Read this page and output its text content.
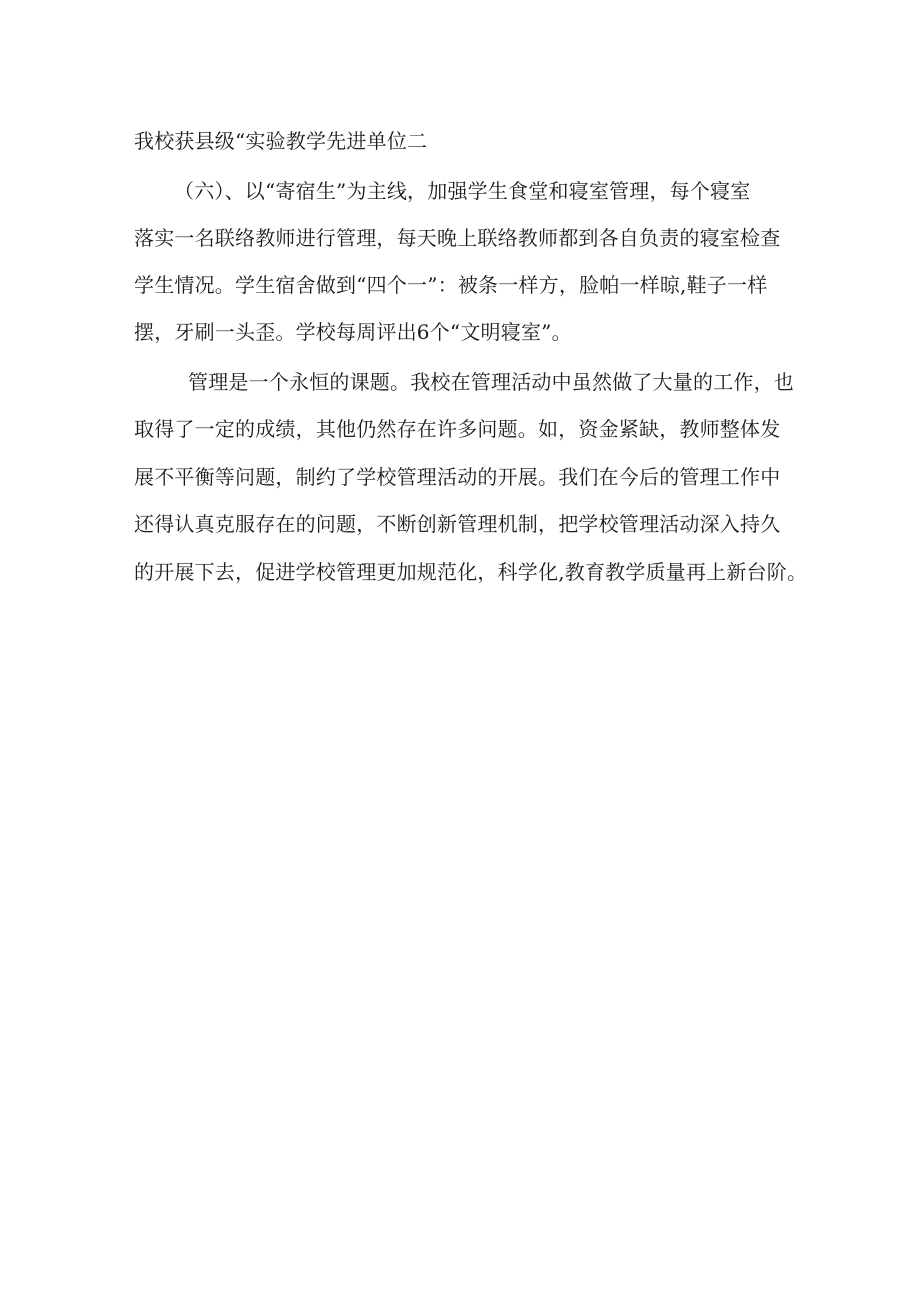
我校获县级“实验教学先进单位二
（六）、以“寄宿生”为主线，加强学生食堂和寝室管理，每个寝室
落实一名联络教师进行管理，每天晚上联络教师都到各自负责的寝室检查
学生情况。学生宿舍做到“四个一”：被条一样方，脸帕一样晾,鞋子一样
摆，牙刷一头歪。学校每周评出6个“文明寝室”。
管理是一个永恒的课题。我校在管理活动中虽然做了大量的工作，也
取得了一定的成绩，其他仍然存在许多问题。如，资金紧缺，教师整体发
展不平衡等问题，制约了学校管理活动的开展。我们在今后的管理工作中
还得认真克服存在的问题，不断创新管理机制，把学校管理活动深入持久
的开展下去，促进学校管理更加规范化，科学化,教育教学质量再上新台阶。
